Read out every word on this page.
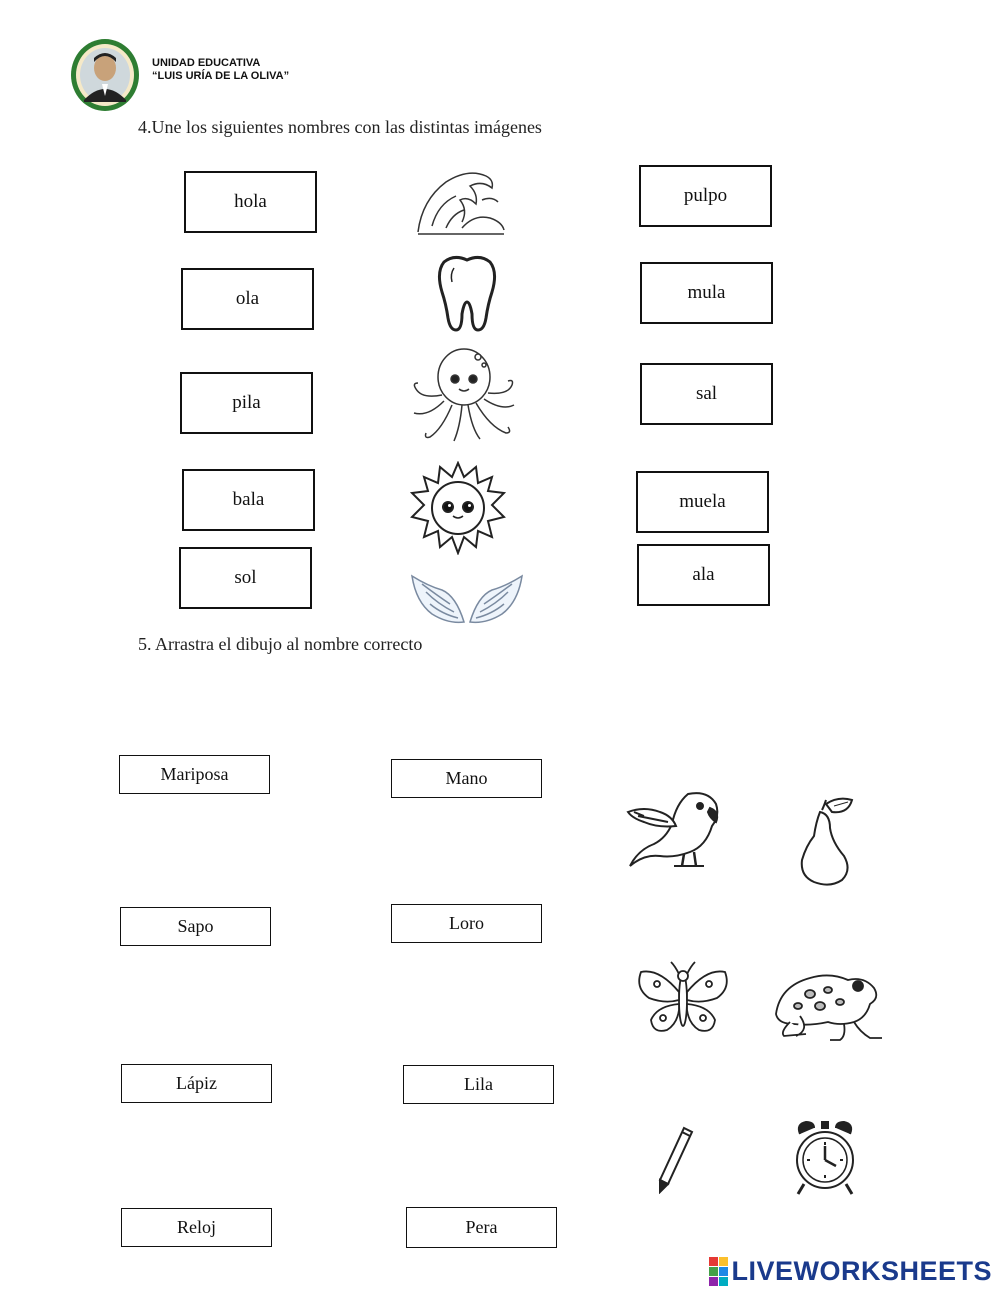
UNIDAD EDUCATIVA
“LUIS URÍA DE LA OLIVA”
4.Une los siguientes nombres con las distintas imágenes
hola
ola
pila
bala
sol
pulpo
mula
sal
muela
ala
5. Arrastra el dibujo al nombre correcto
Mariposa
Sapo
Lápiz
Reloj
Mano
Loro
Lila
Pera
LIVEWORKSHEETS
